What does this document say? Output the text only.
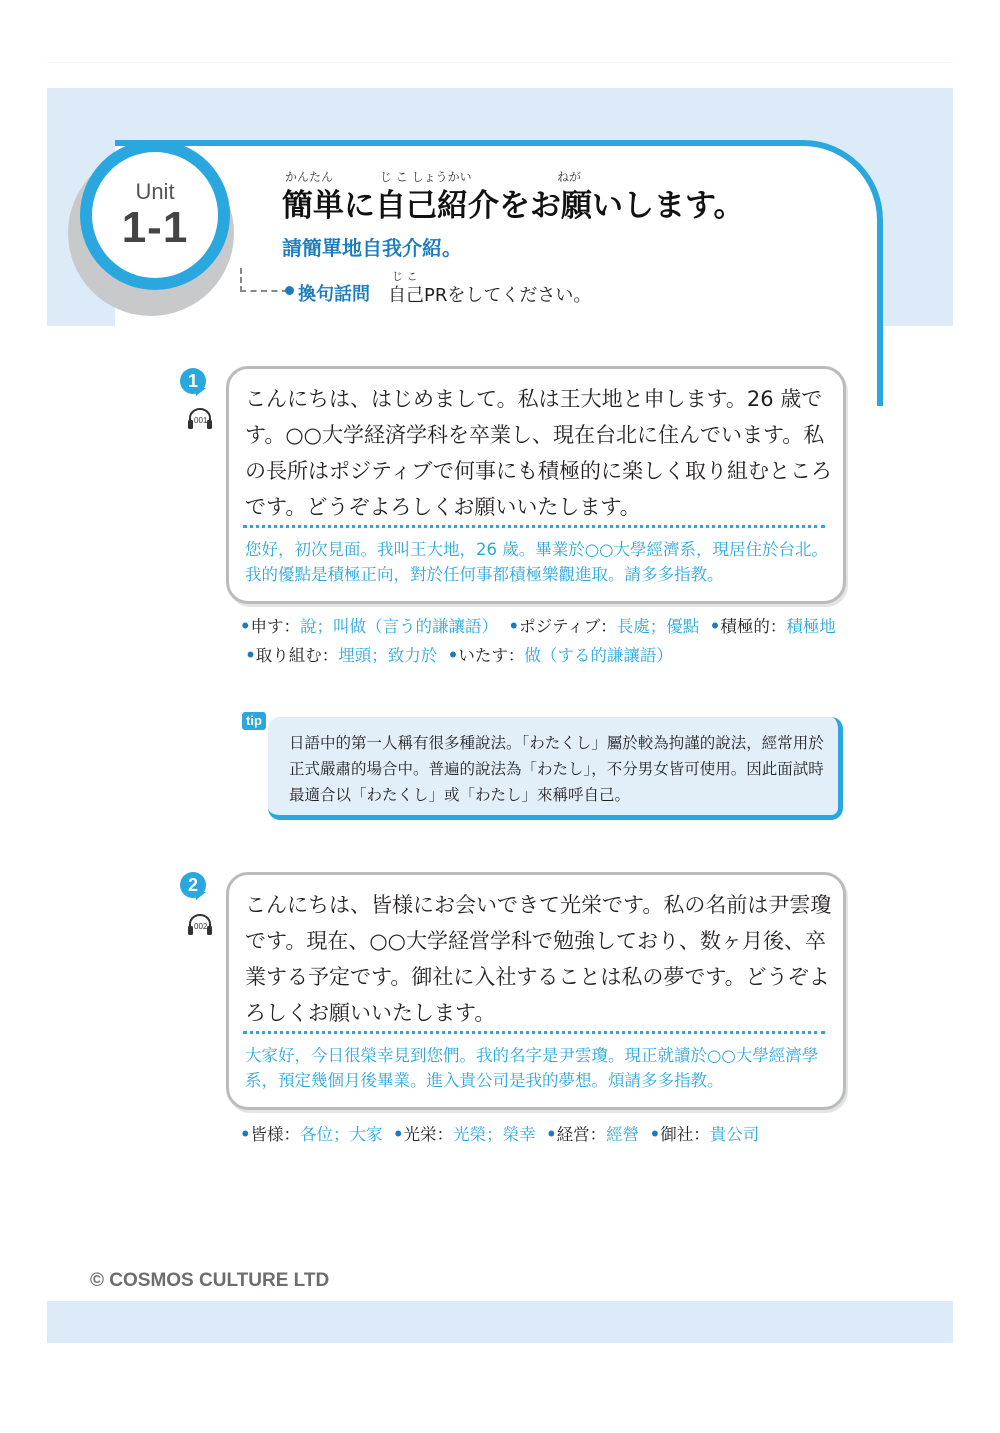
Unit
1-1
かんたん	じ こ しょうかい	ねが
簡単に自己紹介をお願いします。
請簡單地自我介紹。
換句話問
じ こ
自己PRをしてください。
1
001
こんにちは、はじめまして。私は王大地と申します。26 歳です。○○大学経済学科を卒業し、現在台北に住んでいます。私の長所はポジティブで何事にも積極的に楽しく取り組むところです。どうぞよろしくお願いいたします。
您好，初次見面。我叫王大地，26 歲。畢業於○○大學經濟系，現居住於台北。我的優點是積極正向，對於任何事都積極樂觀進取。請多多指教。
•申す：說；叫做（言う的謙讓語） •ポジティブ：長處；優點 •積極的：積極地  •取り組む：埋頭；致力於 •いたす：做（する的謙讓語）
tip
日語中的第一人稱有很多種說法。「わたくし」屬於較為拘謹的說法，經常用於正式嚴肅的場合中。普遍的說法為「わたし」，不分男女皆可使用。因此面試時最適合以「わたくし」或「わたし」來稱呼自己。
2
002
こんにちは、皆様にお会いできて光栄です。私の名前は尹雲瓊です。現在、○○大学経営学科で勉強しており、数ヶ月後、卒業する予定です。御社に入社することは私の夢です。どうぞよろしくお願いいたします。
大家好，今日很榮幸見到您們。我的名字是尹雲瓊。現正就讀於○○大學經濟學系，預定幾個月後畢業。進入貴公司是我的夢想。煩請多多指教。
•皆様：各位；大家 •光栄：光榮；榮幸 •経営：經營 •御社：貴公司
© COSMOS CULTURE LTD
